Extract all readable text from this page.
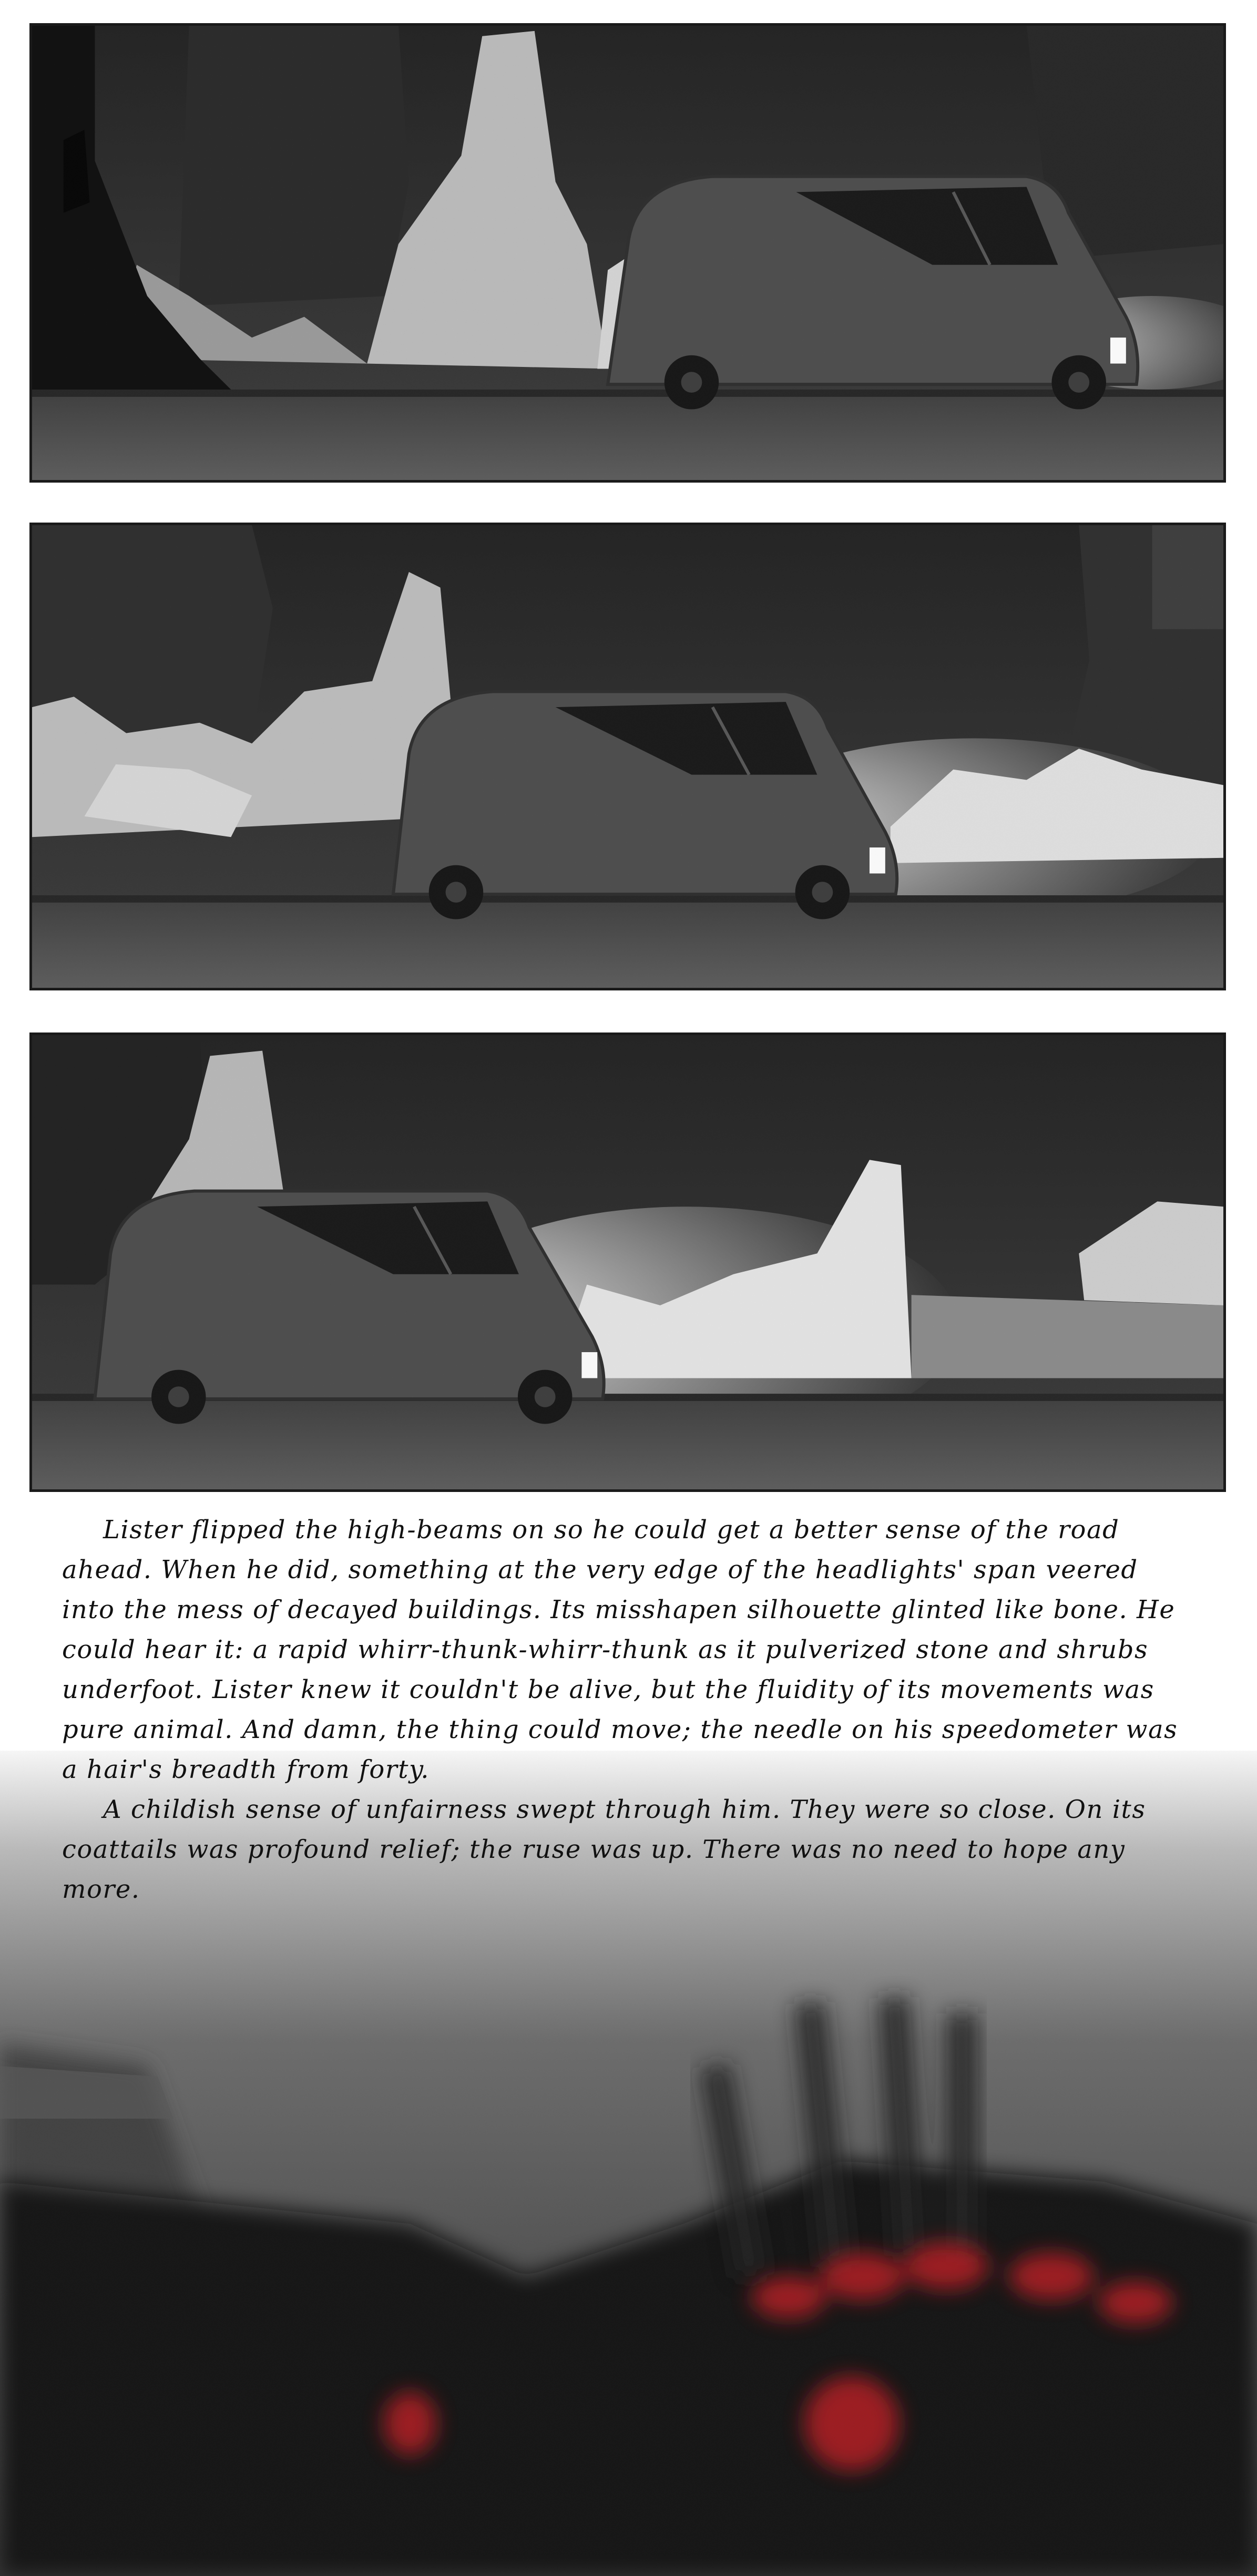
Lister flipped the high-beams on so he could get a better sense of the road ahead. When he did, something at the very edge of the headlights' span veered into the mess of decayed buildings. Its misshapen silhouette glinted like bone. He could hear it: a rapid whirr-thunk-whirr-thunk as it pulverized stone and shrubs underfoot. Lister knew it couldn't be alive, but the fluidity of its movements was pure animal. And damn, the thing could move; the needle on his speedometer was a hair's breadth from forty.

A childish sense of unfairness swept through him. They were so close. On its coattails was profound relief; the ruse was up. There was no need to hope any more.
